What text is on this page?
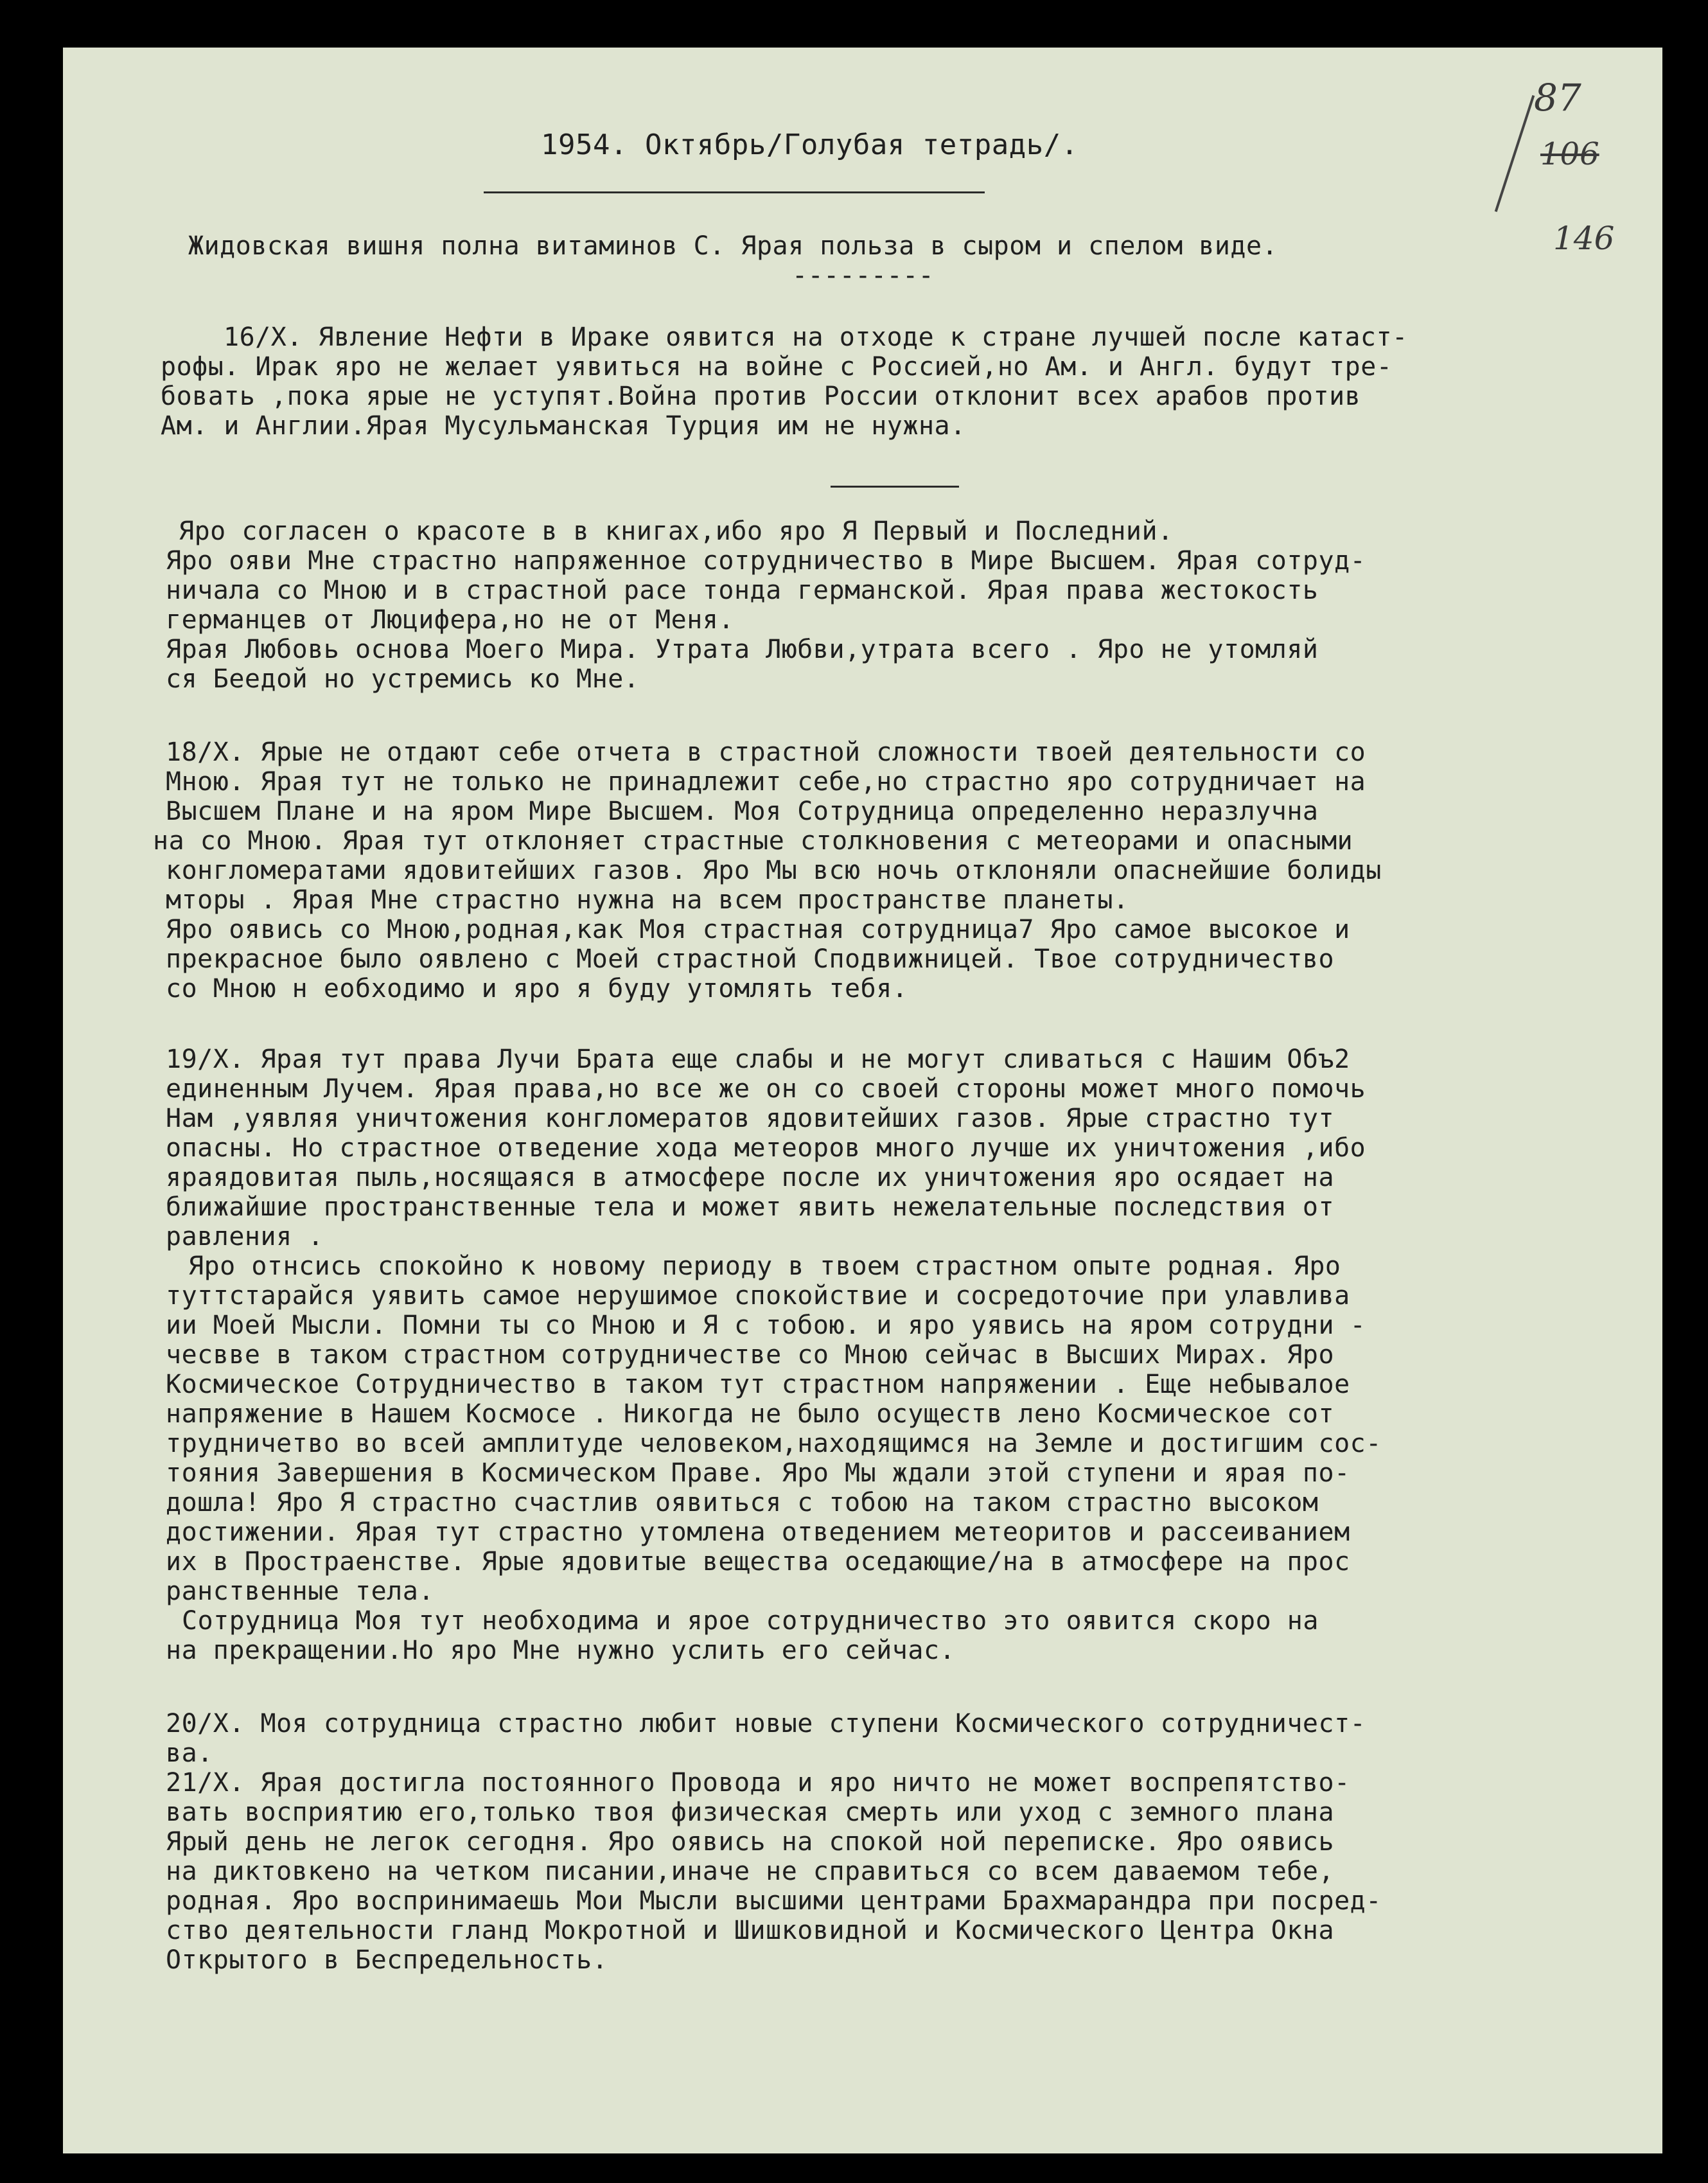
87
106
146
1954. Октябрь/Голубая тетрадь/.
Жидовская вишня полна витаминов С. Ярая польза в сыром и спелом виде.
---------
16/X. Явление Нефти в Ираке оявится на отходе к стране лучшей после катаст-
рофы. Ирак яро не желает уявиться на войне с Россией,но Ам. и Англ. будут тре-
бовать ,пока ярые не уступят.Война против России отклонит всех арабов против
Ам. и Англии.Ярая Мусульманская Турция им не нужна.
Яро согласен о красоте в в книгах,ибо яро Я Первый и Последний.
Яро ояви Мне страстно напряженное сотрудничество в Мире Высшем. Ярая сотруд-
ничала со Мною и в страстной расе тонда германской. Ярая права жестокость
германцев от Люцифера,но не от Меня.
Ярая Любовь основа Моего Мира. Утрата Любви,утрата всего . Яро не утомляй
ся Беедой но устремись ко Мне.
18/X. Ярые не отдают себе отчета в страстной сложности твоей деятельности со
Мною. Ярая тут не только не принадлежит себе,но страстно яро сотрудничает на
Высшем Плане и на яром Мире Высшем. Моя Сотрудница определенно неразлучна
на со Мною. Ярая тут отклоняет страстные столкновения с метеорами и опасными
конгломератами ядовитейших газов. Яро Мы всю ночь отклоняли опаснейшие болиды
мторы . Ярая Мне страстно нужна на всем пространстве планеты.
Яро оявись со Мною,родная,как Моя страстная сотрудница7 Яро самое высокое и
прекрасное было оявлено с Моей страстной Сподвижницей. Твое сотрудничество
со Мною н еобходимо и яро я буду утомлять тебя.
19/X. Ярая тут права Лучи Брата еще слабы и не могут сливаться с Нашим Объ2
единенным Лучем. Ярая права,но все же он со своей стороны может много помочь
Нам ,уявляя уничтожения конгломератов ядовитейших газов. Ярые страстно тут
опасны. Но страстное отведение хода метеоров много лучше их уничтожения ,ибо
яраядовитая пыль,носящаяся в атмосфере после их уничтожения яро осядает на
ближайшие пространственные тела и может явить нежелательные последствия от
равления .
Яро отнсись спокойно к новому периоду в твоем страстном опыте родная. Яро
туттстарайся уявить самое нерушимое спокойствие и сосредоточие при улавлива
ии Моей Мысли. Помни ты со Мною и Я с тобою. и яро уявись на яром сотрудни -
чесвве в таком страстном сотрудничестве со Мною сейчас в Высших Мирах. Яро
Космическое Сотрудничество в таком тут страстном напряжении . Еще небывалое
напряжение в Нашем Космосе . Никогда не было осуществ лено Космическое сот
трудничетво во всей амплитуде человеком,находящимся на Земле и достигшим сос-
тояния Завершения в Космическом Праве. Яро Мы ждали этой ступени и ярая по-
дошла! Яро Я страстно счастлив оявиться с тобою на таком страстно высоком
достижении. Ярая тут страстно утомлена отведением метеоритов и рассеиванием
их в Простраенстве. Ярые ядовитые вещества оседающие/на в атмосфере на прос
ранственные тела.
Сотрудница Моя тут необходима и ярое сотрудничество это оявится скоро на
на прекращении.Но яро Мне нужно услить его сейчас.
20/X. Моя сотрудница страстно любит новые ступени Космического сотрудничест-
ва.
21/X. Ярая достигла постоянного Провода и яро ничто не может воспрепятство-
вать восприятию его,только твоя физическая смерть или уход с земного плана
Ярый день не легок сегодня. Яро оявись на спокой ной переписке. Яро оявись
на диктовкено на четком писании,иначе не справиться со всем даваемом тебе,
родная. Яро воспринимаешь Мои Мысли высшими центрами Брахмарандра при посред-
ство деятельности гланд Мокротной и Шишковидной и Космического Центра Окна
Открытого в Беспредельность.
